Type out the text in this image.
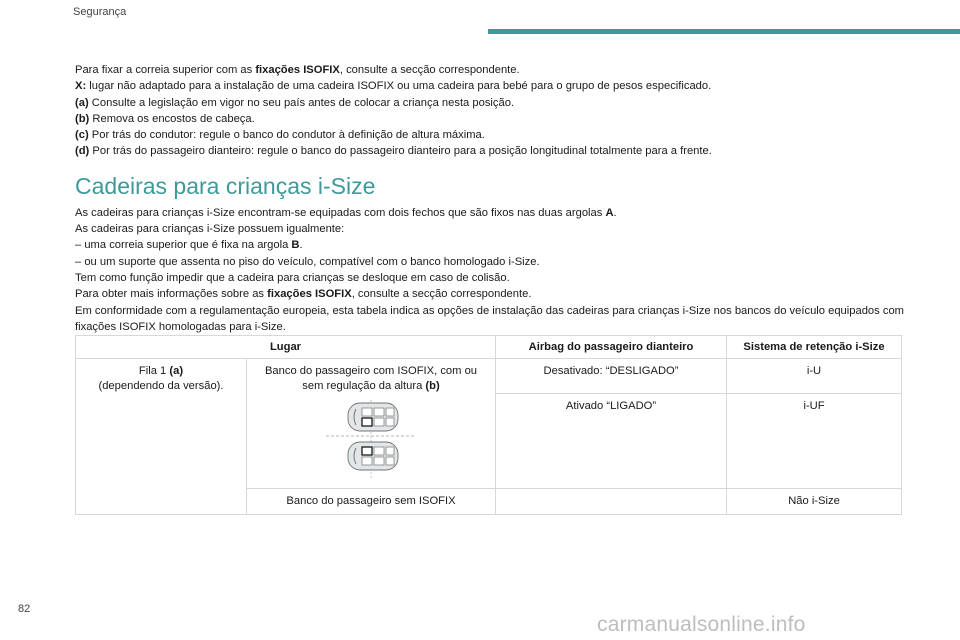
Segurança

Para fixar a correia superior com as fixações ISOFIX, consulte a secção correspondente.

X: lugar não adaptado para a instalação de uma cadeira ISOFIX ou uma cadeira para bebé para o grupo de pesos especificado.

(a) Consulte a legislação em vigor no seu país antes de colocar a criança nesta posição.

(b) Remova os encostos de cabeça.

(c) Por trás do condutor: regule o banco do condutor à definição de altura máxima.

(d) Por trás do passageiro dianteiro: regule o banco do passageiro dianteiro para a posição longitudinal totalmente para a frente.

Cadeiras para crianças i-Size

As cadeiras para crianças i-Size encontram-se equipadas com dois fechos que são fixos nas duas argolas A.

As cadeiras para crianças i-Size possuem igualmente:

– uma correia superior que é fixa na argola B.

– ou um suporte que assenta no piso do veículo, compatível com o banco homologado i-Size.

Tem como função impedir que a cadeira para crianças se desloque em caso de colisão.

Para obter mais informações sobre as fixações ISOFIX, consulte a secção correspondente.

Em conformidade com a regulamentação europeia, esta tabela indica as opções de instalação das cadeiras para crianças i-Size nos bancos do veículo equipados com fixações ISOFIX homologadas para i-Size.

Lugar		Airbag do passageiro dianteiro	Sistema de retenção i-Size

Fila 1 (a)
(dependendo da versão).	Banco do passageiro com ISOFIX, com ou sem regulação da altura (b)	Desativado: “DESLIGADO”	i-U
		Ativado “LIGADO”	i-UF
	Banco do passageiro sem ISOFIX		Não i-Size
82
carmanualsonline.info
